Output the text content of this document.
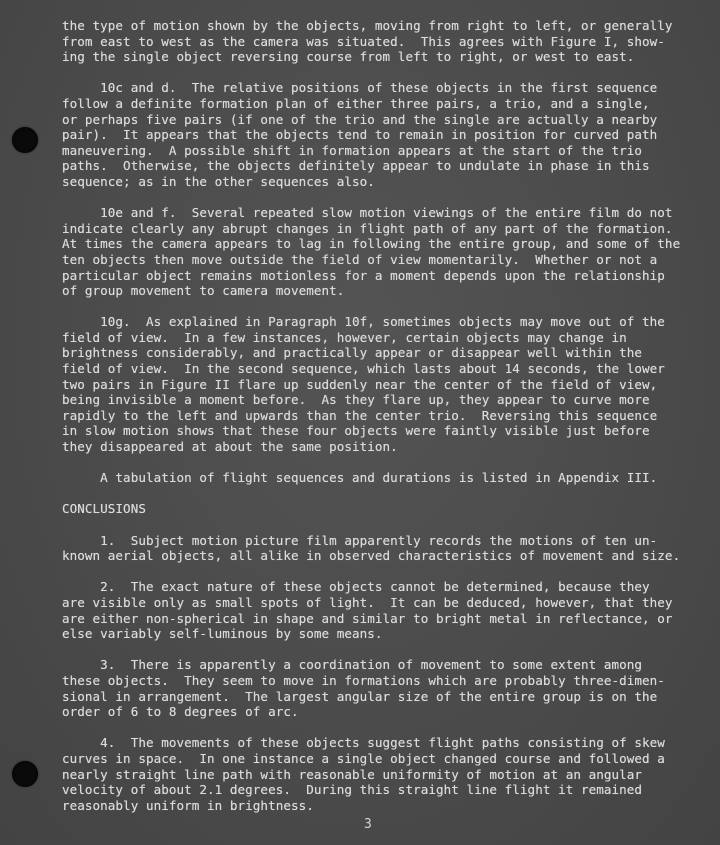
the type of motion shown by the objects, moving from right to left, or generally

from east to west as the camera was situated.  This agrees with Figure I, show-

ing the single object reversing course from left to right, or west to east.

10c and d.  The relative positions of these objects in the first sequence

follow a definite formation plan of either three pairs, a trio, and a single,

or perhaps five pairs (if one of the trio and the single are actually a nearby

pair).  It appears that the objects tend to remain in position for curved path

maneuvering.  A possible shift in formation appears at the start of the trio

paths.  Otherwise, the objects definitely appear to undulate in phase in this

sequence; as in the other sequences also.

10e and f.  Several repeated slow motion viewings of the entire film do not

indicate clearly any abrupt changes in flight path of any part of the formation.

At times the camera appears to lag in following the entire group, and some of the

ten objects then move outside the field of view momentarily.  Whether or not a

particular object remains motionless for a moment depends upon the relationship

of group movement to camera movement.

10g.  As explained in Paragraph 10f, sometimes objects may move out of the

field of view.  In a few instances, however, certain objects may change in

brightness considerably, and practically appear or disappear well within the

field of view.  In the second sequence, which lasts about 14 seconds, the lower

two pairs in Figure II flare up suddenly near the center of the field of view,

being invisible a moment before.  As they flare up, they appear to curve more

rapidly to the left and upwards than the center trio.  Reversing this sequence

in slow motion shows that these four objects were faintly visible just before

they disappeared at about the same position.

A tabulation of flight sequences and durations is listed in Appendix III.

CONCLUSIONS

1.  Subject motion picture film apparently records the motions of ten un-

known aerial objects, all alike in observed characteristics of movement and size.

2.  The exact nature of these objects cannot be determined, because they

are visible only as small spots of light.  It can be deduced, however, that they

are either non-spherical in shape and similar to bright metal in reflectance, or

else variably self-luminous by some means.

3.  There is apparently a coordination of movement to some extent among

these objects.  They seem to move in formations which are probably three-dimen-

sional in arrangement.  The largest angular size of the entire group is on the

order of 6 to 8 degrees of arc.

4.  The movements of these objects suggest flight paths consisting of skew

curves in space.  In one instance a single object changed course and followed a

nearly straight line path with reasonable uniformity of motion at an angular

velocity of about 2.1 degrees.  During this straight line flight it remained

reasonably uniform in brightness.

3
